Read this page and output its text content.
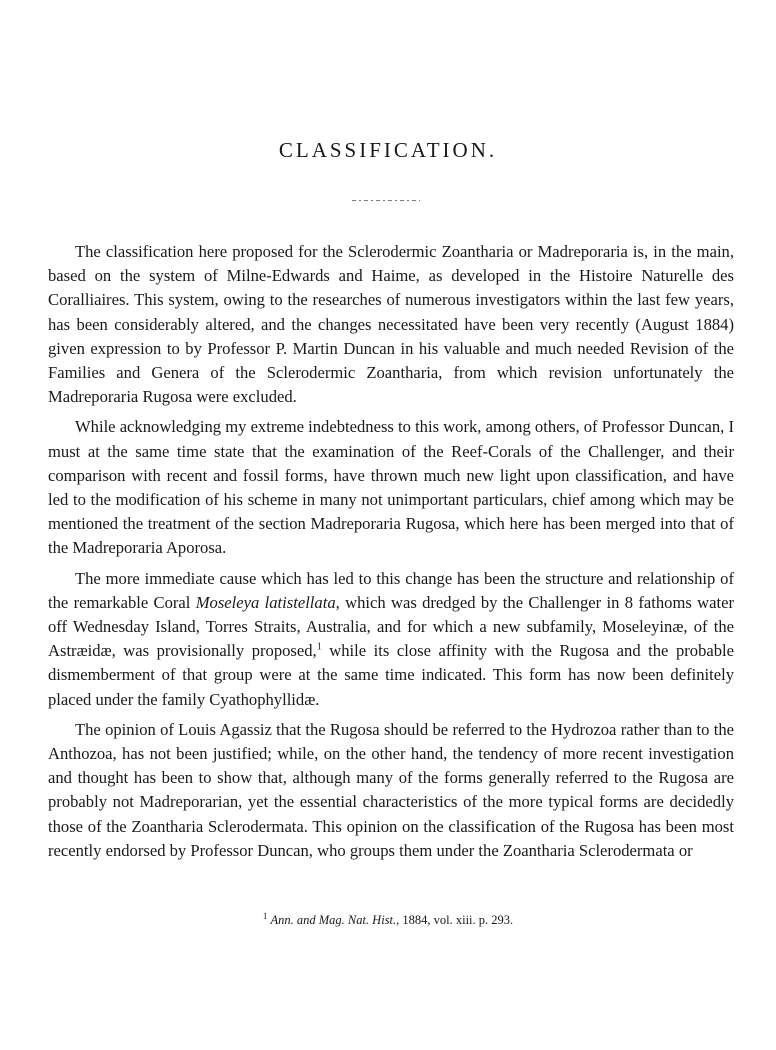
CLASSIFICATION.

The classification here proposed for the Sclerodermic Zoantharia or Madreporaria is, in the main, based on the system of Milne-Edwards and Haime, as developed in the Histoire Naturelle des Coralliaires. This system, owing to the researches of numerous investigators within the last few years, has been considerably altered, and the changes necessitated have been very recently (August 1884) given expression to by Professor P. Martin Duncan in his valuable and much needed Revision of the Families and Genera of the Sclerodermic Zoantharia, from which revision unfortunately the Madreporaria Rugosa were excluded.

While acknowledging my extreme indebtedness to this work, among others, of Professor Duncan, I must at the same time state that the examination of the Reef-Corals of the Challenger, and their comparison with recent and fossil forms, have thrown much new light upon classification, and have led to the modification of his scheme in many not unimportant particulars, chief among which may be mentioned the treatment of the section Madreporaria Rugosa, which here has been merged into that of the Madreporaria Aporosa.

The more immediate cause which has led to this change has been the structure and relationship of the remarkable Coral Moseleya latistellata, which was dredged by the Challenger in 8 fathoms water off Wednesday Island, Torres Straits, Australia, and for which a new subfamily, Moseleyinæ, of the Astræidæ, was provisionally proposed,$^1$ while its close affinity with the Rugosa and the probable dismemberment of that group were at the same time indicated. This form has now been definitely placed under the family Cyathophyllidæ.

The opinion of Louis Agassiz that the Rugosa should be referred to the Hydrozoa rather than to the Anthozoa, has not been justified; while, on the other hand, the tendency of more recent investigation and thought has been to show that, although many of the forms generally referred to the Rugosa are probably not Madreporarian, yet the essential characteristics of the more typical forms are decidedly those of the Zoantharia Sclerodermata. This opinion on the classification of the Rugosa has been most recently endorsed by Professor Duncan, who groups them under the Zoantharia Sclerodermata or

$^1$ Ann. and Mag. Nat. Hist., 1884, vol. xiii. p. 293.
